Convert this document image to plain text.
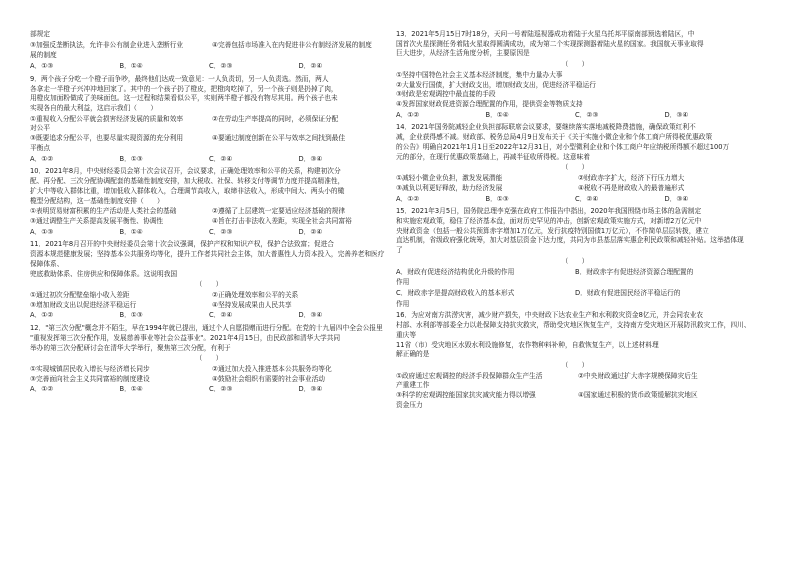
部规定

③加强反垄断执法，允许非公有制企业进入垄断行业	④完善包括市场准入在内促进非公有制经济发展的制度

展的制度

A．①③	B．①④	C．②③	D．②④

9．两个孩子分吃一个橙子而争吵，最终他们达成一致意见：一人负责切，另一人负责选。然而，两人

各拿走一半橙子兴冲冲地回家了。其中的一个孩子扔了橙皮，把橙肉吃掉了，另一个孩子则是扔掉了肉，

用橙皮加面粉做成了美味面包。这一过程和结果看似公平，实则两半橙子都没有物尽其用。两个孩子也未

实现各自的最大利益，这启示我们（　　）

①重视收入分配公平就会损害经济发展的质量和效率	②在劳动生产率提高的同时，必须保证分配
对公平
③既要追求分配公平，也要尽量实现资源的充分利用	④要通过制度创新在公平与效率之间找到最佳
平衡点
A．①②	B．①③	C．②④	D．③④

10．2021年8月，中央财经委员会第十次会议召开，会议要求，正确处理效率和公平的关系，构建初次分

配、再分配、三次分配协调配套的基础性制度安排，加大税收、社保、转移支付等调节力度并提高精准性，

扩大中等收入群体比重，增加低收入群体收入，合理调节高收入，取缔非法收入，形成中间大、两头小的橄

榄型分配结构，这一基础性制度安排（　　）

①表明贸易财富积累的生产活动是人类社会的基础	②遵循了上层建筑一定要适应经济基础的规律
③通过调整生产关系提高发展平衡性、协调性	④旨在打击非法收入差距，实现全社会共同富裕
A．①③	B．①④	C．②③	D．②④

11．2021年8月召开的中央财经委员会第十次会议强调，保护产权和知识产权，保护合法致富；促进合

资源本规范健康发展；坚持基本公共服务均等化，提升工作者共同社会主体，加大普惠性人力资本投入，完善养老和医疗保障体系、

兜底救助体系、住房供应和保障体系。这说明我国

（　　）

①通过初次分配壁垒缩小收入差距	②正确处理效率和公平的关系
③增加财政支出以促进经济平稳运行	④坚持发展成果由人民共享
A．①②	B．①③	C．②④	D．③④

12．"第三次分配"概念并不陌生，早在1994年就已提出，通过个人自愿捐赠而进行分配。在党的十九届四中全会公报里

"重视发挥第三次分配作用，发展慈善事业等社会公益事业"。2021年4月15日，由民政部和清华大学共同

举办的第三次分配研讨会在清华大学举行，聚焦第三次分配，有利于

（　　）

①实现城镇居民收入增长与经济增长同步	②通过加大投入推进基本公共服务均等化
③完善面向社会主义共同富裕的制度建设	④鼓励社会组织有需要的社会事业活动
A．①②	B．①④	C．②③	D．③④

13．2021年5月15日7时18分，天问一号着陆巡视器成功着陆于火星乌托邦平原南部预选着陆区，中

国首次火星探测任务着陆火星取得圆满成功，成为第二个实现探测器着陆火星的国家。我国航天事业取得

巨大进步，从经济生活角度分析，主要原因是

（　　）

①坚持中国特色社会主义基本经济制度，集中力量办大事

②大量发行国债，扩大财政支出，增加财政支出，促进经济平稳运行

③财政是宏观调控中最直接的手段

④发挥国家财政促进资源合理配置的作用，提供资金等物质支持

A．①②	B．①④	C．②③	D．③④

14．2021年国务院减轻企业负担部际联席会议要求，要继续落实落地减税降费措施，确保政策红利不

减，企业获得感不减。财政部、税务总局4月9日发布关于《关于实施小微企业和个体工商户所得税优惠政策

的公告》明确自2021年1月1日至2022年12月31日，对小型微利企业和个体工商户年应纳税所得额不超过100万

元的部分，在现行优惠政策基础上，再减半征收所得税。这意味着

（　　）

①减轻小微企业负担，激发发展潜能	②财政赤字扩大，经济下行压力增大
③减负以利更好释放，助力经济发展	④税收不再是财政收入的最普遍形式
A．①②	B．①③	C．②④	D．③④

15．2021年3月5日，国务院总理李克强在政府工作报告中指出，2020年我国围绕市场主体的急需制定

和实施宏观政策，稳住了经济基本盘，面对历史罕见的冲击，创新宏观政策实施方式，对新增2万亿元中

央财政资金（包括一般公共预算赤字增加1万亿元，发行抗疫特别国债1万亿元），不作简单层层转拨，建立

直达机制，省级政府强化统筹，加大对基层资金下达力度，共同为市县基层落实惠企利民政策和减轻补贴。这举措体现

了

（　　）

A．财政有促进经济结构优化升级的作用	B．财政赤字有促进经济资源合理配置的

作用

C．财政赤字是提高财政收入的基本形式	D．财政有促进国民经济平稳运行的

作用

16．为应对南方洪涝灾害，减少财产损失，中央财政下达农业生产和水利救灾资金8亿元，并会同农业农

村部、水利部等部委全力以赴保障支持抗灾救灾，帮助受灾地区恢复生产，支持南方受灾地区开展防汛救灾工作，四川、重庆等

11省（市）受灾地区水毁水利设施修复，农作物种料补种，自救恢复生产，以上述材料理

解正确的是

（　　）

①政府通过宏观调控的经济手段保障群众生产生活	②中央财政通过扩大赤字规模保障灾后生
产重建工作
③科学的宏观调控能国家抗灾减灾能力得以增强	④国家通过积极的货币政策缓解抗灾地区
资金压力
